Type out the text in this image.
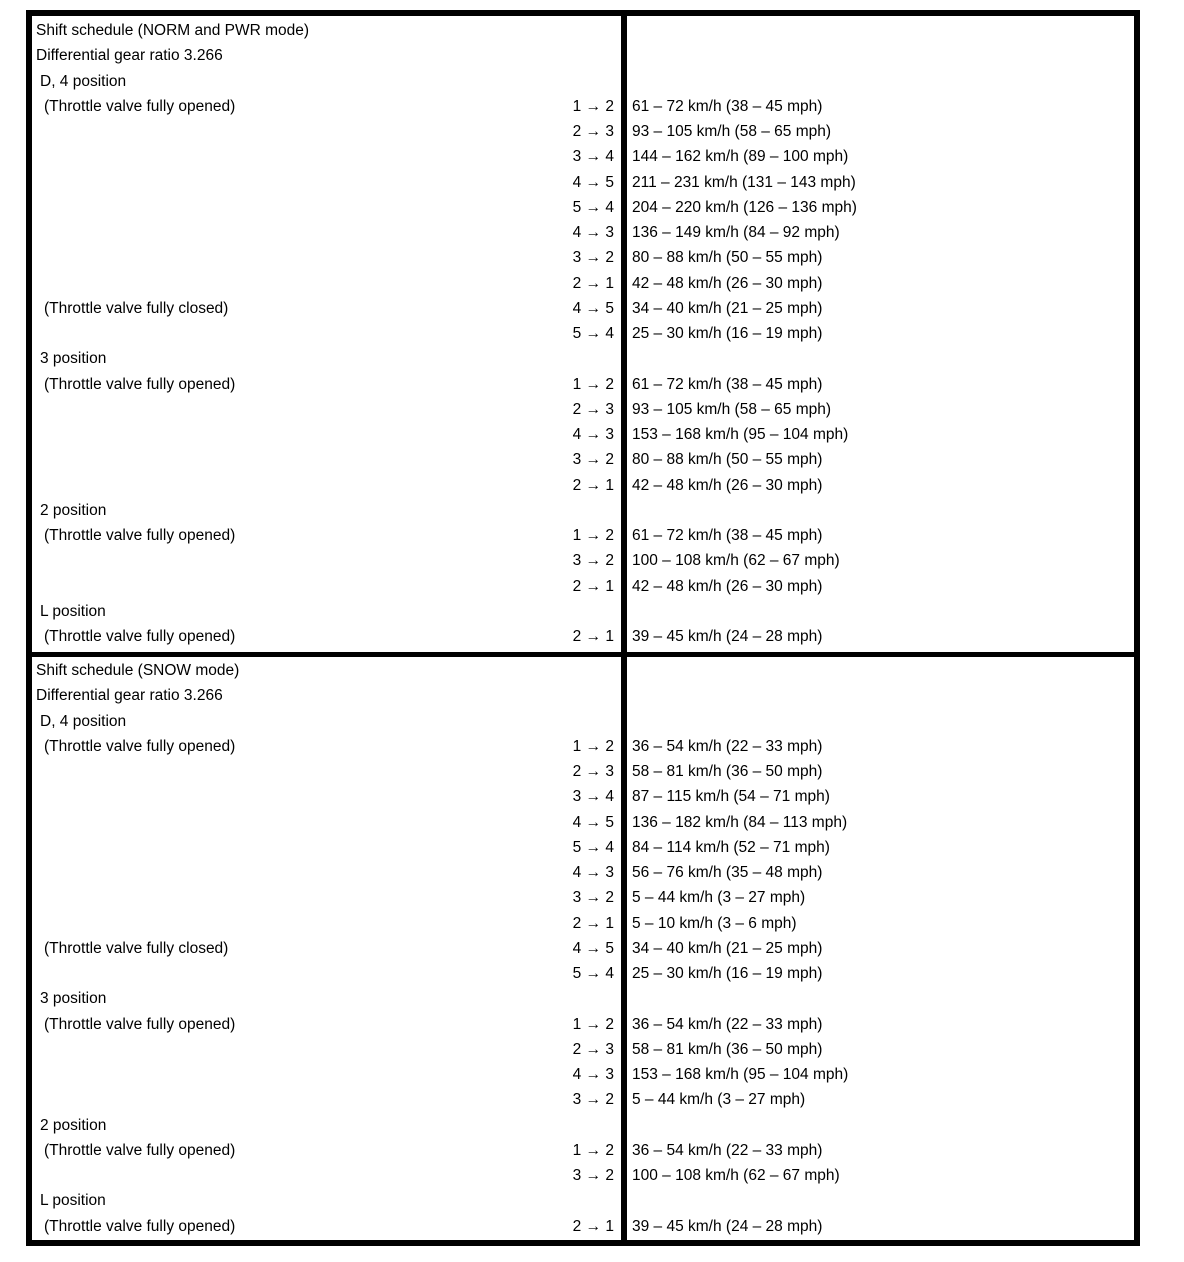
Shift schedule (NORM and PWR mode)
Differential gear ratio 3.266
D, 4 position
(Throttle valve fully opened)	1 → 2 61 – 72 km/h (38 – 45 mph)
2 → 3 93 – 105 km/h (58 – 65 mph)
3 → 4 144 – 162 km/h (89 – 100 mph)
4 → 5 211 – 231 km/h (131 – 143 mph)
5 → 4 204 – 220 km/h (126 – 136 mph)
4 → 3 136 – 149 km/h (84 – 92 mph)
3 → 2 80 – 88 km/h (50 – 55 mph)
2 → 1 42 – 48 km/h (26 – 30 mph)
(Throttle valve fully closed)	4 → 5 34 – 40 km/h (21 – 25 mph)
5 → 4 25 – 30 km/h (16 – 19 mph)
3 position
(Throttle valve fully opened)	1 → 2 61 – 72 km/h (38 – 45 mph)
2 → 3 93 – 105 km/h (58 – 65 mph)
4 → 3 153 – 168 km/h (95 – 104 mph)
3 → 2 80 – 88 km/h (50 – 55 mph)
2 → 1 42 – 48 km/h (26 – 30 mph)
2 position
(Throttle valve fully opened)	1 → 2 61 – 72 km/h (38 – 45 mph)
3 → 2 100 – 108 km/h (62 – 67 mph)
2 → 1 42 – 48 km/h (26 – 30 mph)
L position
(Throttle valve fully opened)	2 → 1 39 – 45 km/h (24 – 28 mph)
Shift schedule (SNOW mode)
Differential gear ratio 3.266
D, 4 position
(Throttle valve fully opened)	1 → 2 36 – 54 km/h (22 – 33 mph)
2 → 3 58 – 81 km/h (36 – 50 mph)
3 → 4 87 – 115 km/h (54 – 71 mph)
4 → 5 136 – 182 km/h (84 – 113 mph)
5 → 4 84 – 114 km/h (52 – 71 mph)
4 → 3 56 – 76 km/h (35 – 48 mph)
3 → 2 5 – 44 km/h (3 – 27 mph)
2 → 1 5 – 10 km/h (3 – 6 mph)
(Throttle valve fully closed)	4 → 5 34 – 40 km/h (21 – 25 mph)
5 → 4 25 – 30 km/h (16 – 19 mph)
3 position
(Throttle valve fully opened)	1 → 2 36 – 54 km/h (22 – 33 mph)
2 → 3 58 – 81 km/h (36 – 50 mph)
4 → 3 153 – 168 km/h (95 – 104 mph)
3 → 2 5 – 44 km/h (3 – 27 mph)
2 position
(Throttle valve fully opened)	1 → 2 36 – 54 km/h (22 – 33 mph)
3 → 2 100 – 108 km/h (62 – 67 mph)
L position
(Throttle valve fully opened)	2 → 1 39 – 45 km/h (24 – 28 mph)
